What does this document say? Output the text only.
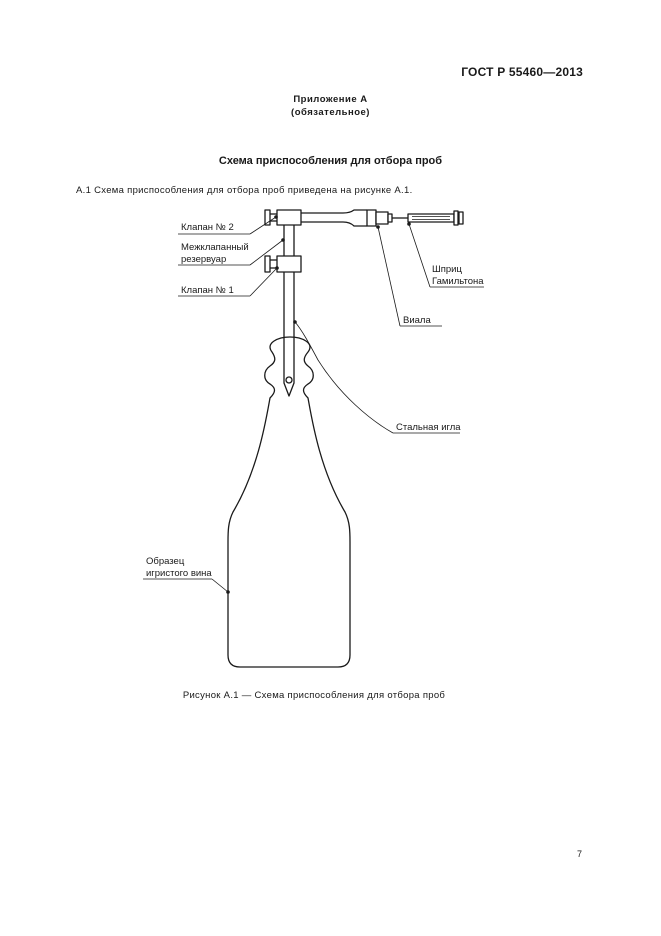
ГОСТ Р 55460—2013
Приложение А
(обязательное)
Схема приспособления для отбора проб
А.1 Схема приспособления для отбора проб приведена на рисунке А.1.
Клапан № 2
Межклапанный
резервуар
Клапан № 1
Шприц
Гамильтона
Виала
Стальная игла
Образец
игристого вина
Рисунок А.1 — Схема приспособления для отбора проб
7
